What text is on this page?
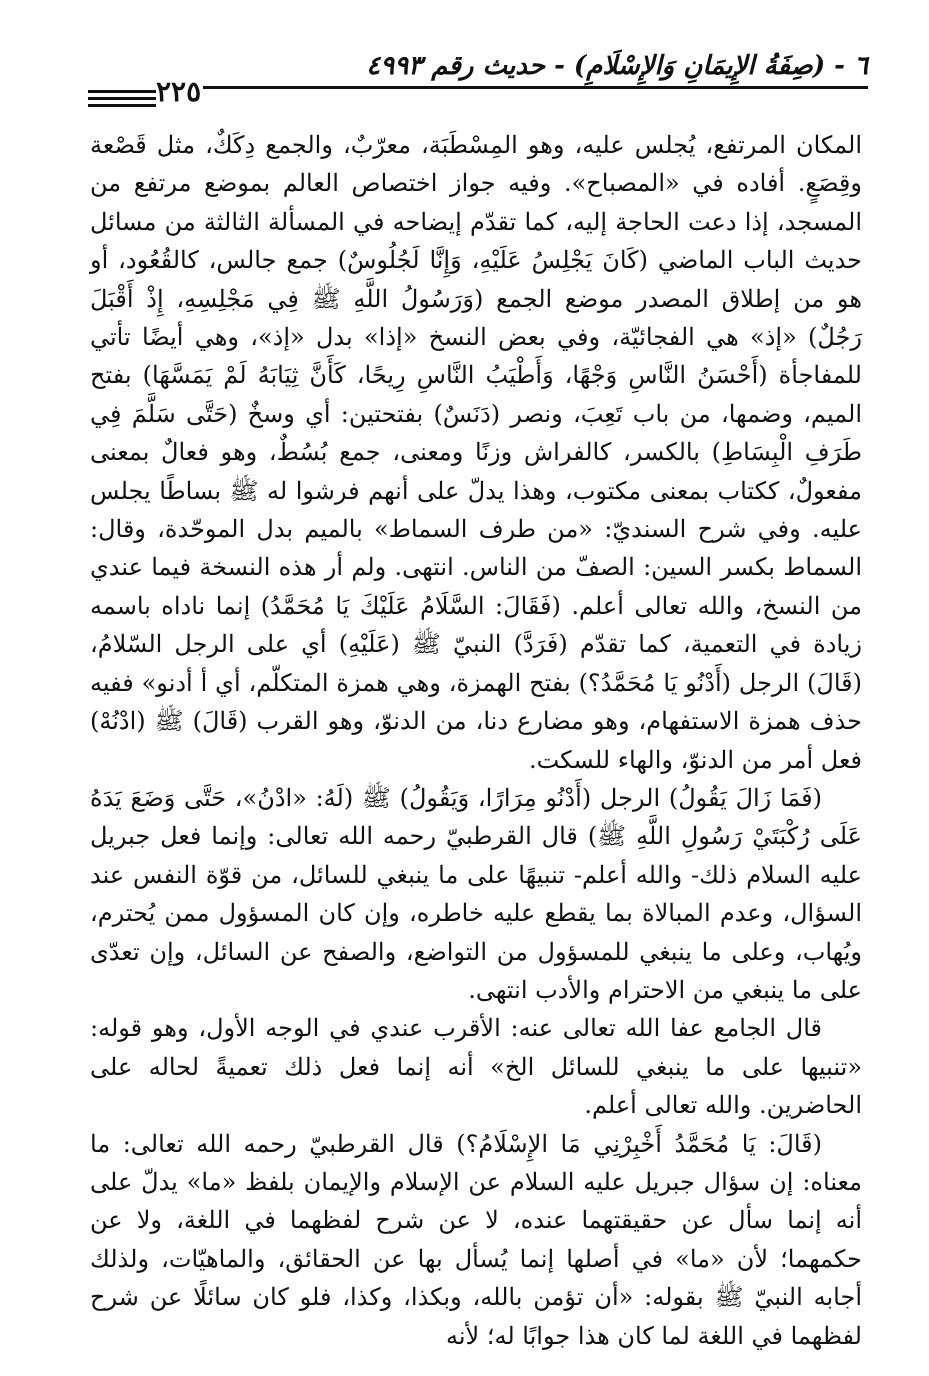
٦ - (صِفَةُ الإِيمَانِ وَالإِسْلَامِ) - حديث رقم ٤٩٩٣
٢٢٥

المكان المرتفع، يُجلس عليه، وهو المِسْطَبَة، معرّبٌ، والجمع دِكَكٌ، مثل قَصْعة وقِصَعٍ. أفاده في «المصباح». وفيه جواز اختصاص العالم بموضع مرتفع من المسجد، إذا دعت الحاجة إليه، كما تقدّم إيضاحه في المسألة الثالثة من مسائل حديث الباب الماضي (كَانَ يَجْلِسُ عَلَيْهِ، وَإِنَّا لَجُلُوسٌ) جمع جالس، كالقُعُود، أو هو من إطلاق المصدر موضع الجمع (وَرَسُولُ اللَّهِ ﷺ فِي مَجْلِسِهِ، إِذْ أَقْبَلَ رَجُلٌ) «إذ» هي الفجائيّة، وفي بعض النسخ «إذا» بدل «إذ»، وهي أيضًا تأتي للمفاجأة (أَحْسَنُ النَّاسِ وَجْهًا، وَأَطْيَبُ النَّاسِ رِيحًا، كَأَنَّ ثِيَابَهُ لَمْ يَمَسَّهَا) بفتح الميم، وضمها، من باب تَعِبَ، ونصر (دَنَسٌ) بفتحتين: أي وسخٌ (حَتَّى سَلَّمَ فِي طَرَفِ الْبِسَاطِ) بالكسر، كالفراش وزنًا ومعنى، جمع بُسُطٌ، وهو فعالٌ بمعنى مفعولٌ، ككتاب بمعنى مكتوب، وهذا يدلّ على أنهم فرشوا له ﷺ بساطًا يجلس عليه. وفي شرح السنديّ: «من طرف السماط» بالميم بدل الموحّدة، وقال: السماط بكسر السين: الصفّ من الناس. انتهى. ولم أر هذه النسخة فيما عندي من النسخ، والله تعالى أعلم. (فَقَالَ: السَّلَامُ عَلَيْكَ يَا مُحَمَّدُ) إنما ناداه باسمه زيادة في التعمية، كما تقدّم (فَرَدَّ) النبيّ ﷺ (عَلَيْهِ) أي على الرجل السّلامُ، (قَالَ) الرجل (أَدْنُو يَا مُحَمَّدُ؟) بفتح الهمزة، وهي همزة المتكلّم، أي أ أدنو» ففيه حذف همزة الاستفهام، وهو مضارع دنا، من الدنوّ، وهو القرب (قَالَ) ﷺ (ادْنُهْ) فعل أمر من الدنوّ، والهاء للسكت.

(فَمَا زَالَ يَقُولُ) الرجل (أَدْنُو مِرَارًا، وَيَقُولُ) ﷺ (لَهُ: «ادْنُ»، حَتَّى وَضَعَ يَدَهُ عَلَى رُكْبَتَيْ رَسُولِ اللَّهِ ﷺ) قال القرطبيّ رحمه الله تعالى: وإنما فعل جبريل عليه السلام ذلك- والله أعلم- تنبيهًا على ما ينبغي للسائل، من قوّة النفس عند السؤال، وعدم المبالاة بما يقطع عليه خاطره، وإن كان المسؤول ممن يُحترم، ويُهاب، وعلى ما ينبغي للمسؤول من التواضع، والصفح عن السائل، وإن تعدّى على ما ينبغي من الاحترام والأدب انتهى.

قال الجامع عفا الله تعالى عنه: الأقرب عندي في الوجه الأول، وهو قوله: «تنبيها على ما ينبغي للسائل الخ» أنه إنما فعل ذلك تعميةً لحاله على الحاضرين. والله تعالى أعلم.

(قَالَ: يَا مُحَمَّدُ أَخْبِرْنِي مَا الإِسْلَامُ؟) قال القرطبيّ رحمه الله تعالى: ما معناه: إن سؤال جبريل عليه السلام عن الإسلام والإيمان بلفظ «ما» يدلّ على أنه إنما سأل عن حقيقتهما عنده، لا عن شرح لفظهما في اللغة، ولا عن حكمهما؛ لأن «ما» في أصلها إنما يُسأل بها عن الحقائق، والماهيّات، ولذلك أجابه النبيّ ﷺ بقوله: «أن تؤمن بالله، وبكذا، وكذا، فلو كان سائلًا عن شرح لفظهما في اللغة لما كان هذا جوابًا له؛ لأنه
